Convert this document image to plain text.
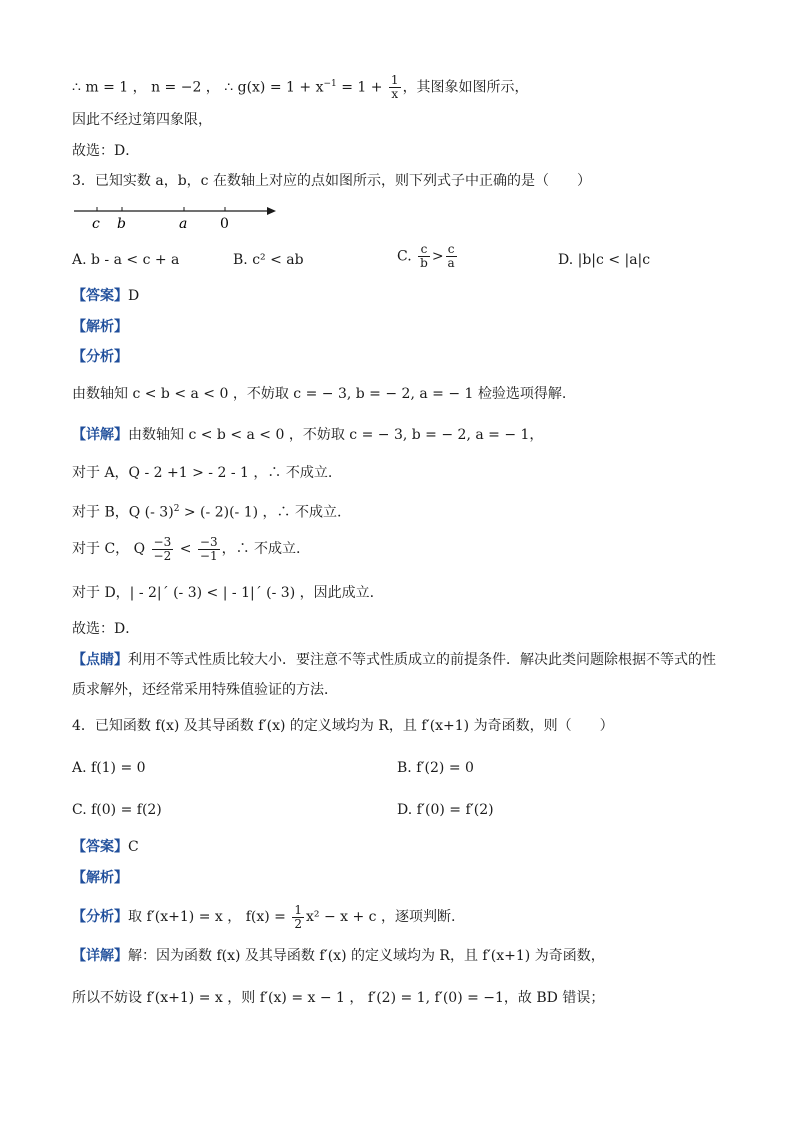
∴ m = 1 ， n = −2 ， ∴ $g(x) = 1 + x^{-1} = 1 + \frac{1}{x}$ ，其图象如图所示，
因此不经过第四象限，
故选：D．
3．已知实数 a，b，c 在数轴上对应的点如图所示，则下列式子中正确的是（　　）
c b	a 0
A. b - a < c + a	B. c² < ab	C. $\frac{c}{b} > \frac{c}{a}$	D. |b|c < |a|c
【答案】D
【解析】
【分析】
由数轴知 c < b < a < 0 ，不妨取 c = − 3, b = − 2, a = − 1 检验选项得解.
【详解】由数轴知 c < b < a < 0 ，不妨取 c = − 3, b = − 2, a = − 1，
对于 A，Q - 2 +1 > - 2 - 1 ，∴ 不成立.
对于 B，Q (- 3)$^2$ > (- 2)(- 1) ，∴ 不成立.
对于 C， Q $\frac{-3}{-2} < \frac{-3}{-1}$ ，∴ 不成立.
对于 D，| - 2|´ (- 3) < | - 1|´ (- 3) ，因此成立.
故选：D．
【点睛】利用不等式性质比较大小．要注意不等式性质成立的前提条件．解决此类问题除根据不等式的性
质求解外，还经常采用特殊值验证的方法．
4．已知函数 f(x) 及其导函数 f′(x) 的定义域均为 R，且 f′(x+1) 为奇函数，则（　　）
A. f(1) = 0	B. f′(2) = 0
C. f(0) = f(2)	D. f′(0) = f′(2)
【答案】C
【解析】
【分析】取 f′(x+1) = x ， $f(x) = \frac{1}{2} x^2 - x + c$ ，逐项判断.
【详解】解：因为函数 f(x) 及其导函数 f′(x) 的定义域均为 R，且 f′(x+1) 为奇函数，
所以不妨设 f′(x+1) = x ，则 f′(x) = x − 1 ， f′(2) = 1, f′(0) = −1，故 BD 错误；
